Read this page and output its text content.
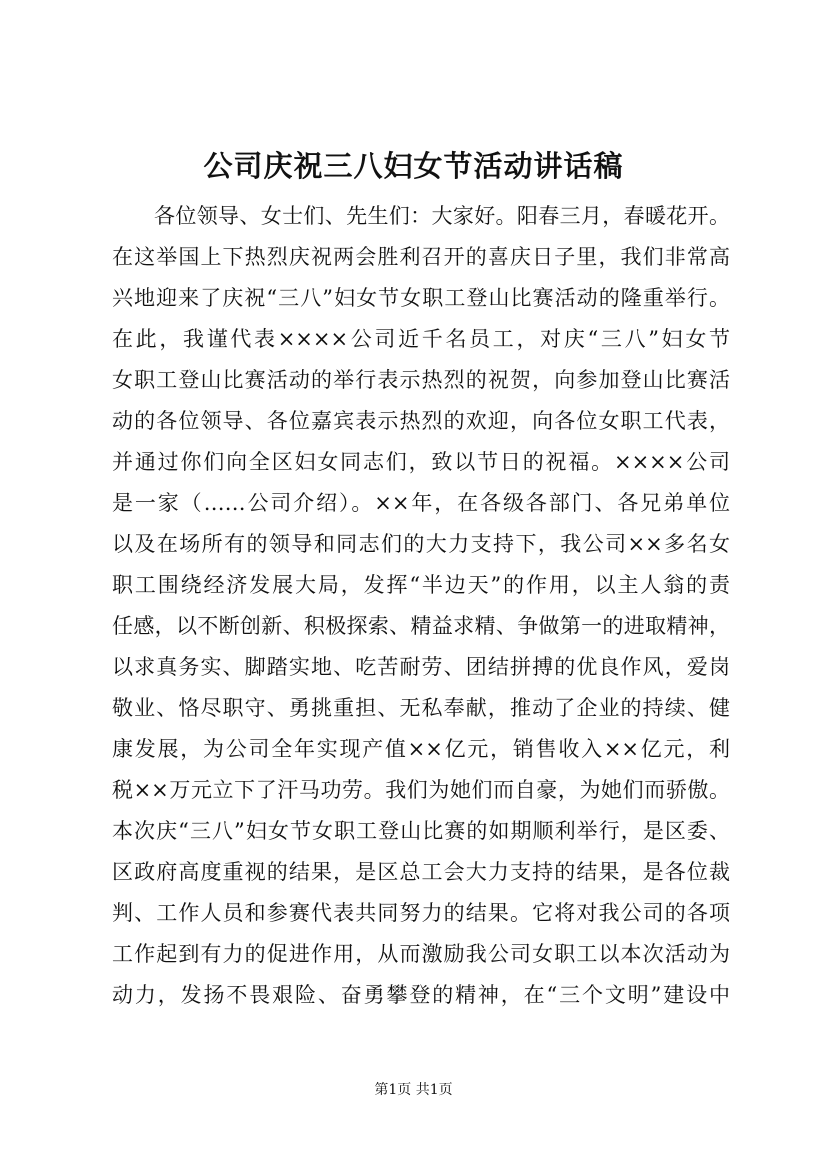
公司庆祝三八妇女节活动讲话稿
各位领导、女士们、先生们：大家好。阳春三月，春暖花开。
在这举国上下热烈庆祝两会胜利召开的喜庆日子里，我们非常高
兴地迎来了庆祝“三八”妇女节女职工登山比赛活动的隆重举行。
在此，我谨代表××××公司近千名员工，对庆“三八”妇女节
女职工登山比赛活动的举行表示热烈的祝贺，向参加登山比赛活
动的各位领导、各位嘉宾表示热烈的欢迎，向各位女职工代表，
并通过你们向全区妇女同志们，致以节日的祝福。××××公司
是一家（……公司介绍）。××年，在各级各部门、各兄弟单位
以及在场所有的领导和同志们的大力支持下，我公司××多名女
职工围绕经济发展大局，发挥“半边天”的作用，以主人翁的责
任感，以不断创新、积极探索、精益求精、争做第一的进取精神，
以求真务实、脚踏实地、吃苦耐劳、团结拼搏的优良作风，爱岗
敬业、恪尽职守、勇挑重担、无私奉献，推动了企业的持续、健
康发展，为公司全年实现产值××亿元，销售收入××亿元，利
税××万元立下了汗马功劳。我们为她们而自豪，为她们而骄傲。
本次庆“三八”妇女节女职工登山比赛的如期顺利举行，是区委、
区政府高度重视的结果，是区总工会大力支持的结果，是各位裁
判、工作人员和参赛代表共同努力的结果。它将对我公司的各项
工作起到有力的促进作用，从而激励我公司女职工以本次活动为
动力，发扬不畏艰险、奋勇攀登的精神，在“三个文明”建设中
第1页 共1页
